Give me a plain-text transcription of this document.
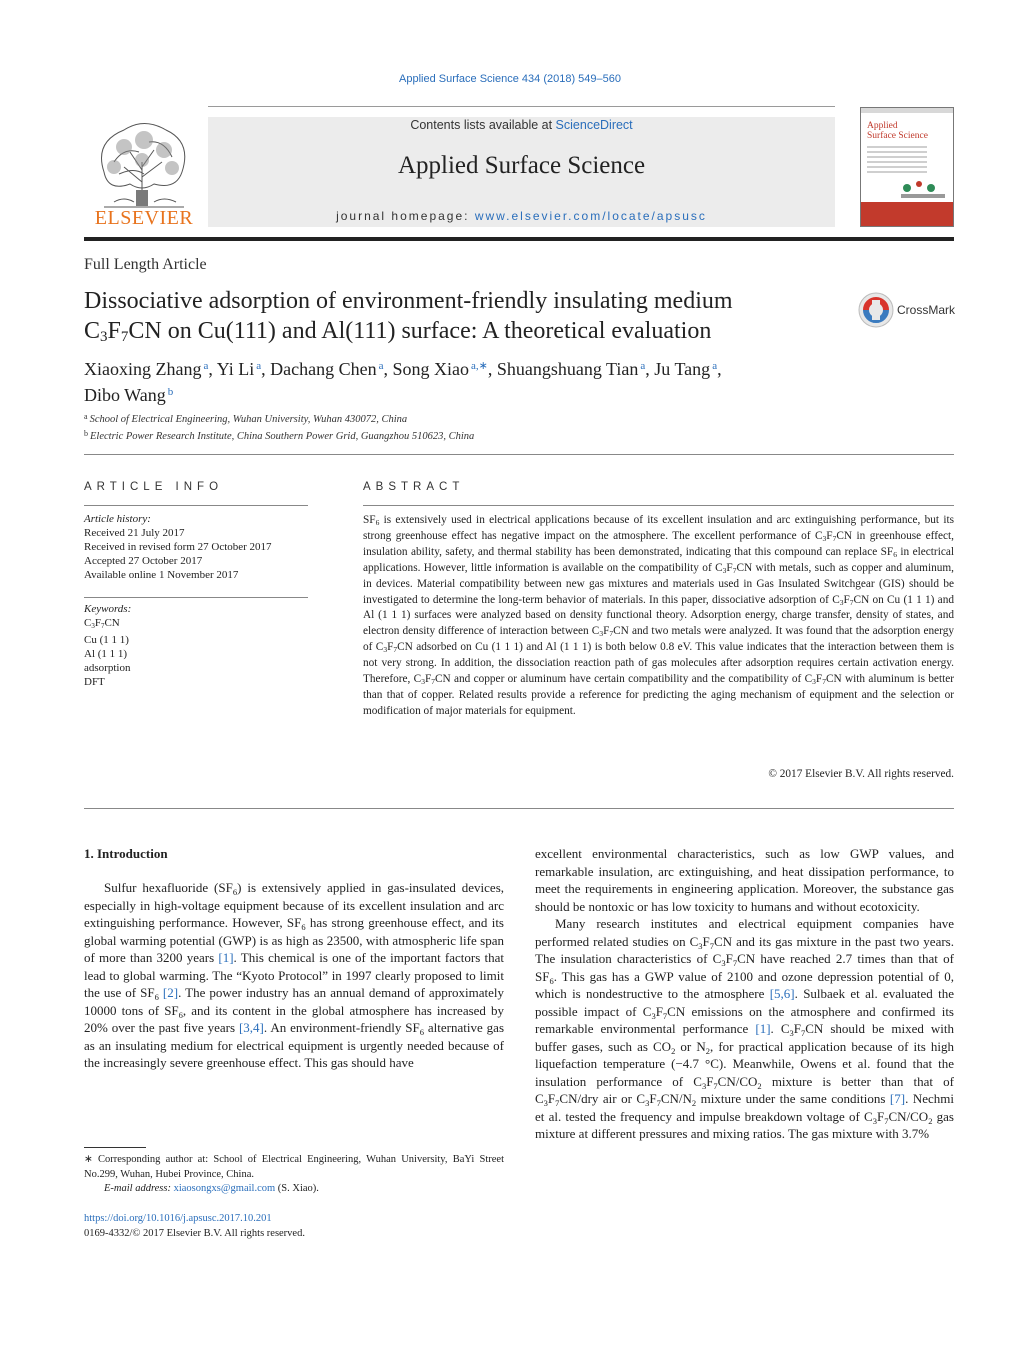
Applied Surface Science 434 (2018) 549–560
ELSEVIER
Contents lists available at ScienceDirect
Applied Surface Science
journal homepage: www.elsevier.com/locate/apsusc
Applied
Surface Science
Full Length Article
Dissociative adsorption of environment-friendly insulating medium
$C_3F_7CN$ on Cu(111) and Al(111) surface: A theoretical evaluation
CrossMark
Xiaoxing Zhang $^a$, Yi Li $^a$, Dachang Chen $^a$, Song Xiao $^{a,∗}$, Shuangshuang Tian $^a$, Ju Tang $^a$,
Dibo Wang $^b$
$^a$ School of Electrical Engineering, Wuhan University, Wuhan 430072, China
$^b$ Electric Power Research Institute, China Southern Power Grid, Guangzhou 510623, China
ARTICLE INFO
Article history:
Received 21 July 2017
Received in revised form 27 October 2017
Accepted 27 October 2017
Available online 1 November 2017
Keywords:
$C_3F_7CN$
Cu (1 1 1)
Al (1 1 1)
adsorption
DFT
ABSTRACT
$SF_6$ is extensively used in electrical applications because of its excellent insulation and arc extinguishing performance, but its strong greenhouse effect has negative impact on the atmosphere. The excellent performance of $C_3F_7CN$ in greenhouse effect, insulation ability, safety, and thermal stability has been demonstrated, indicating that this compound can replace $SF_6$ in electrical applications. However, little information is available on the compatibility of $C_3F_7CN$ with metals, such as copper and aluminum, in devices. Material compatibility between new gas mixtures and materials used in Gas Insulated Switchgear (GIS) should be investigated to determine the long-term behavior of materials. In this paper, dissociative adsorption of $C_3F_7CN$ on Cu (1 1 1) and Al (1 1 1) surfaces were analyzed based on density functional theory. Adsorption energy, charge transfer, density of states, and electron density difference of interaction between $C_3F_7CN$ and two metals were analyzed. It was found that the adsorption energy of $C_3F_7CN$ adsorbed on Cu (1 1 1) and Al (1 1 1) is both below 0.8 eV. This value indicates that the interaction between them is not very strong. In addition, the dissociation reaction path of gas molecules after adsorption requires certain activation energy. Therefore, $C_3F_7CN$ and copper or aluminum have certain compatibility and the compatibility of $C_3F_7CN$ with aluminum is better than that of copper. Related results provide a reference for predicting the aging mechanism of equipment and the selection or modification of major materials for equipment.
© 2017 Elsevier B.V. All rights reserved.
1. Introduction

Sulfur hexafluoride $(SF_6)$ is extensively applied in gas-insulated devices, especially in high-voltage equipment because of its excellent insulation and arc extinguishing performance. However, $SF_6$ has strong greenhouse effect, and its global warming potential (GWP) is as high as 23500, with atmospheric life span of more than 3200 years [1]. This chemical is one of the important factors that lead to global warming. The “Kyoto Protocol” in 1997 clearly proposed to limit the use of $SF_6$ [2]. The power industry has an annual demand of approximately 10000 tons of $SF_6$, and its content in the global atmosphere has increased by 20% over the past five years [3,4]. An environment-friendly $SF_6$ alternative gas as an insulating medium for electrical equipment is urgently needed because of the increasingly severe greenhouse effect. This gas should have

excellent environmental characteristics, such as low GWP values, and remarkable insulation, arc extinguishing, and heat dissipation performance, to meet the requirements in engineering application. Moreover, the substance gas should be nontoxic or has low toxicity to humans and without ecotoxicity.

Many research institutes and electrical equipment companies have performed related studies on $C_3F_7CN$ and its gas mixture in the past two years. The insulation characteristics of $C_3F_7CN$ have reached 2.7 times than that of $SF_6$. This gas has a GWP value of 2100 and ozone depression potential of 0, which is nondestructive to the atmosphere [5,6]. Sulbaek et al. evaluated the possible impact of $C_3F_7CN$ emissions on the atmosphere and confirmed its remarkable environmental performance [1]. $C_3F_7CN$ should be mixed with buffer gases, such as $CO_2$ or $N_2$, for practical application because of its high liquefaction temperature (−4.7 °C). Meanwhile, Owens et al. found that the insulation performance of $C_3F_7CN/CO_2$ mixture is better than that of $C_3F_7CN$/dry air or $C_3F_7CN/N_2$ mixture under the same conditions [7]. Nechmi et al. tested the frequency and impulse breakdown voltage of $C_3F_7CN/CO_2$ gas mixture at different pressures and mixing ratios. The gas mixture with 3.7%

∗ Corresponding author at: School of Electrical Engineering, Wuhan University, BaYi Street No.299, Wuhan, Hubei Province, China.
E-mail address: xiaosongxs@gmail.com (S. Xiao).
https://doi.org/10.1016/j.apsusc.2017.10.201
0169-4332/© 2017 Elsevier B.V. All rights reserved.
